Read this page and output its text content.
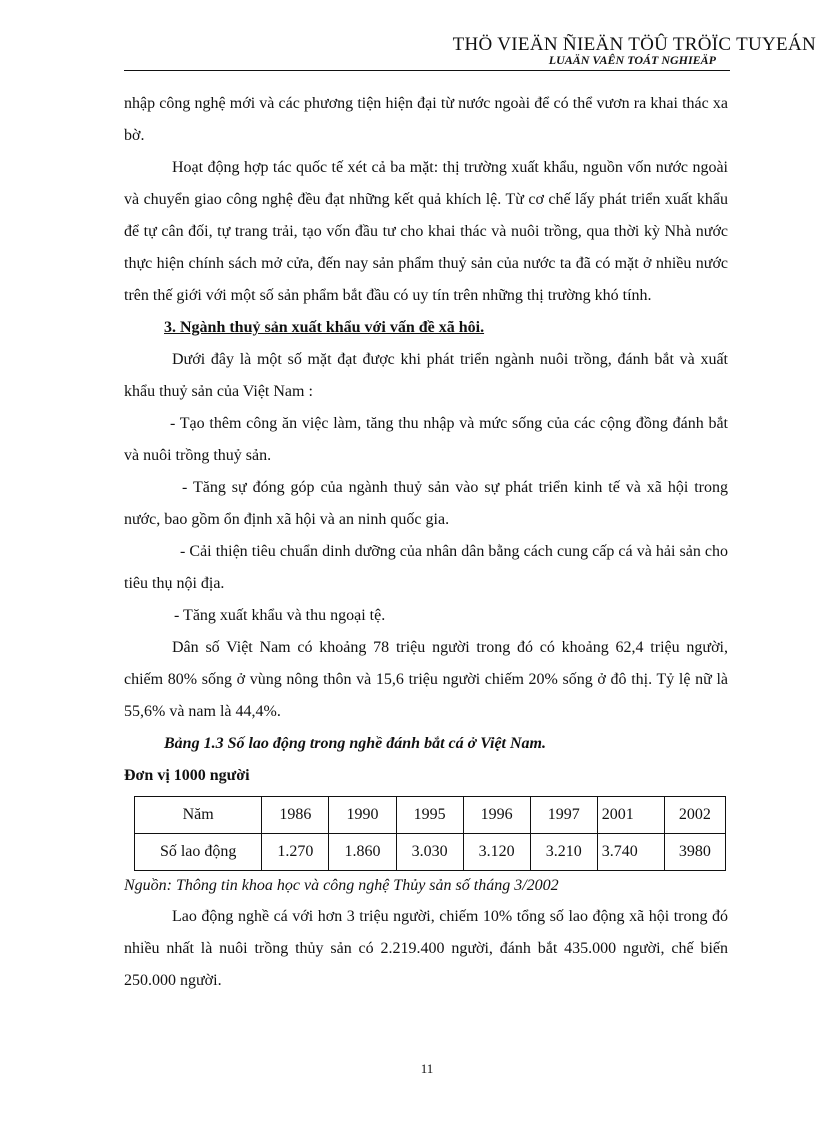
THÖ VIEÄN ÑIEÄN TÖÛ TRÖÏC TUYEÁN
LUAÄN VAÊN TOÁT NGHIEÄP

nhập công nghệ mới và các phương tiện hiện đại từ nước ngoài để có thể vươn ra khai thác xa bờ.

Hoạt động hợp tác quốc tế xét cả ba mặt: thị trường xuất khẩu, nguồn vốn nước ngoài và chuyển giao công nghệ đều đạt những kết quả khích lệ. Từ cơ chế lấy phát triển xuất khẩu để tự cân đối, tự trang trải, tạo vốn đầu tư cho khai thác và nuôi trồng, qua thời kỳ Nhà nước thực hiện chính sách mở cửa, đến nay sản phẩm thuỷ sản của nước ta đã có mặt ở nhiều nước trên thế giới với một số sản phẩm bắt đầu có uy tín trên những thị trường khó tính.

3. Ngành thuỷ sản xuất khẩu với vấn đề xã hôi.

Dưới đây là một số mặt đạt được khi phát triển ngành nuôi trồng, đánh bắt và xuất khẩu thuỷ sản của Việt Nam :

- Tạo thêm công ăn việc làm, tăng thu nhập và mức sống của các cộng đồng đánh bắt và nuôi trồng thuỷ sản.

- Tăng sự đóng góp của ngành thuỷ sản vào sự phát triển kinh tế và xã hội trong nước, bao gồm ổn định xã hội và an ninh quốc gia.

- Cải thiện tiêu chuẩn dinh dưỡng của nhân dân bằng cách cung cấp cá và hải sản cho tiêu thụ nội địa.

- Tăng xuất khẩu và thu ngoại tệ.

Dân số Việt Nam có khoảng 78 triệu người trong đó có khoảng 62,4 triệu người, chiếm 80% sống ở vùng nông thôn và 15,6 triệu người chiếm 20% sống ở đô thị. Tỷ lệ nữ là 55,6% và nam là 44,4%.

Bảng 1.3 Số lao động trong nghề đánh bắt cá ở Việt Nam.

Đơn vị 1000 người

Năm	1986	1990	1995	1996	1997	2001	2002
Số lao động	1.270	1.860	3.030	3.120	3.210	3.740	3980

Nguồn: Thông tin khoa học và công nghệ Thủy sản số tháng 3/2002

Lao động nghề cá với hơn 3 triệu người, chiếm 10% tổng số lao động xã hội trong đó nhiều nhất là nuôi trồng thủy sản có 2.219.400 người, đánh bắt 435.000 người, chế biến 250.000 người.

11
